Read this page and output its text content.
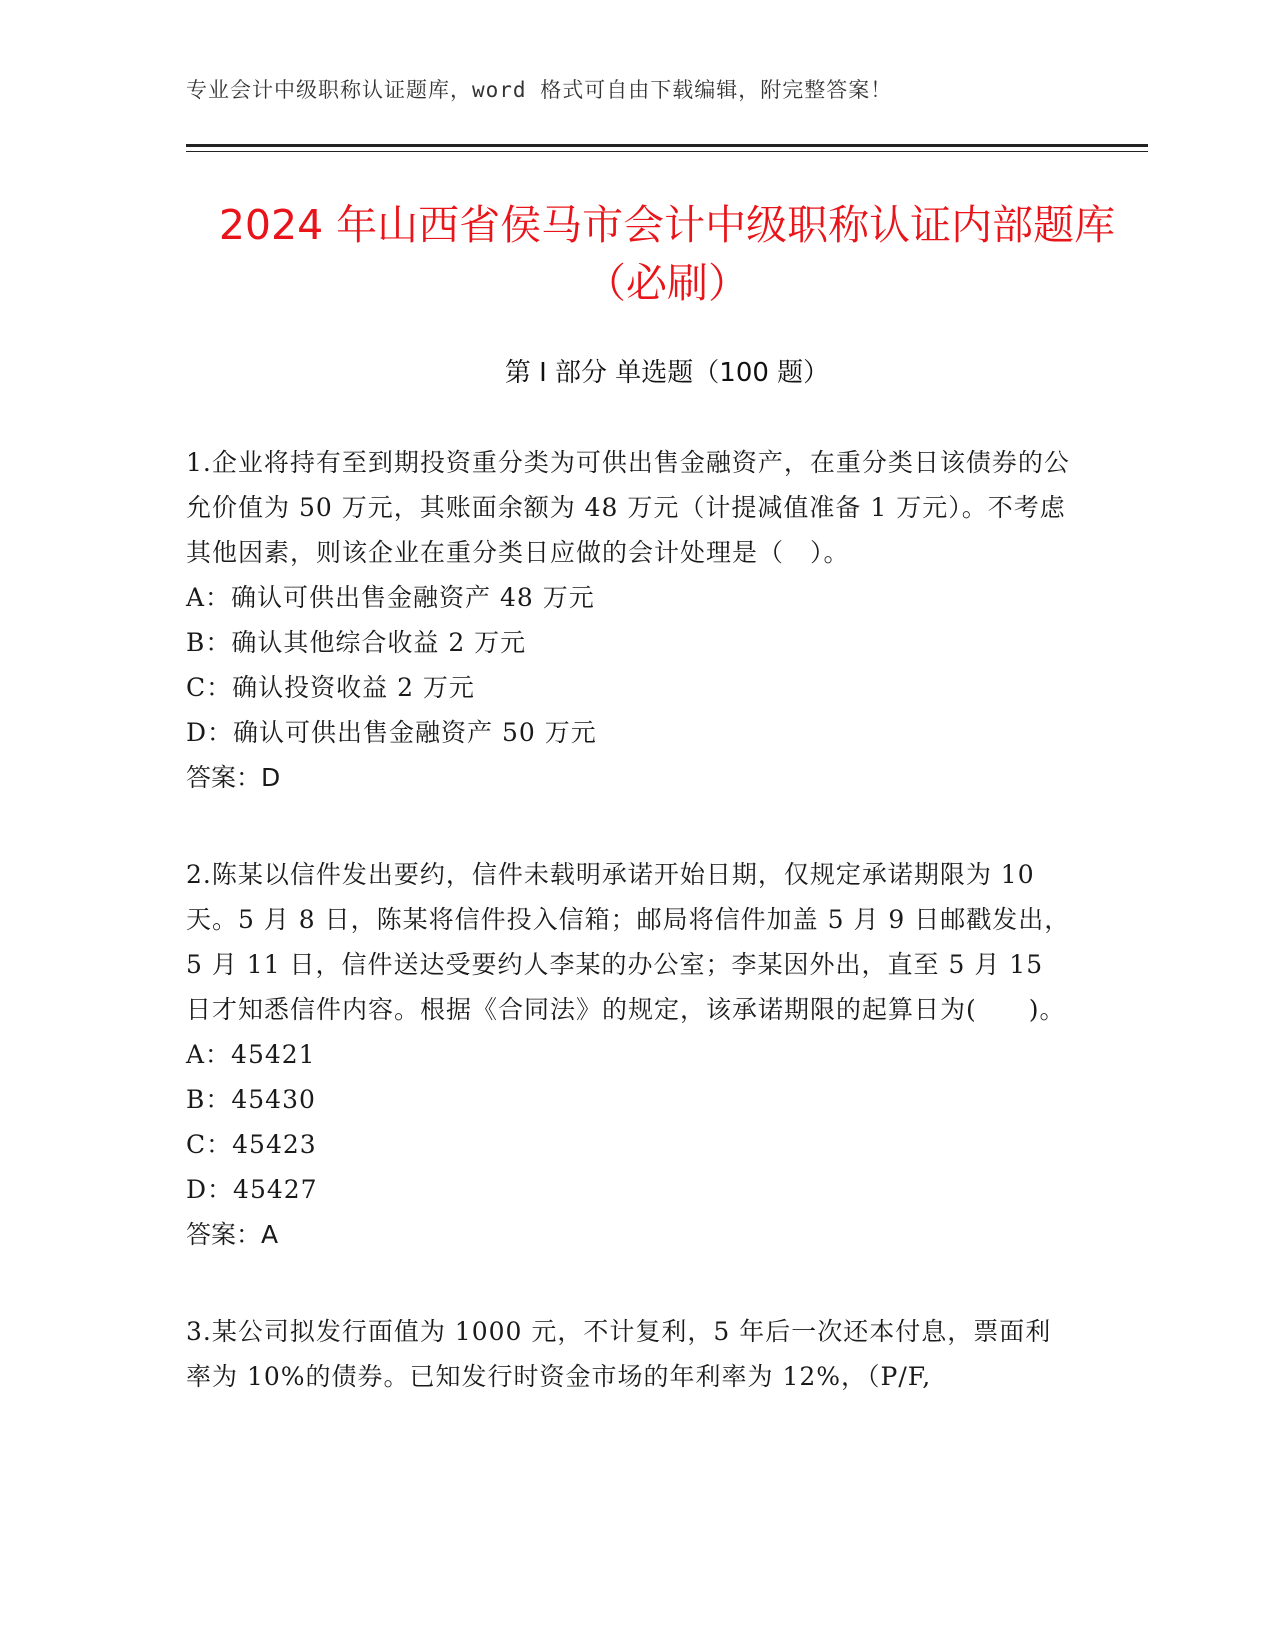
专业会计中级职称认证题库，word 格式可自由下载编辑，附完整答案！
2024 年山西省侯马市会计中级职称认证内部题库（必刷）
第 I 部分 单选题（100 题）

1.企业将持有至到期投资重分类为可供出售金融资产，在重分类日该债券的公允价值为 50 万元，其账面余额为 48 万元（计提减值准备 1 万元）。不考虑其他因素，则该企业在重分类日应做的会计处理是（　）。

A：确认可供出售金融资产 48 万元

B：确认其他综合收益 2 万元

C：确认投资收益 2 万元

D：确认可供出售金融资产 50 万元

答案：D

2.陈某以信件发出要约，信件未载明承诺开始日期，仅规定承诺期限为 10 天。5 月 8 日，陈某将信件投入信箱；邮局将信件加盖 5 月 9 日邮戳发出，5 月 11 日，信件送达受要约人李某的办公室；李某因外出，直至 5 月 15 日才知悉信件内容。根据《合同法》的规定，该承诺期限的起算日为(　　)。

A：45421

B：45430

C：45423

D：45427

答案：A

3.某公司拟发行面值为 1000 元，不计复利，5 年后一次还本付息，票面利率为 10%的债券。已知发行时资金市场的年利率为 12%，（P/F,
